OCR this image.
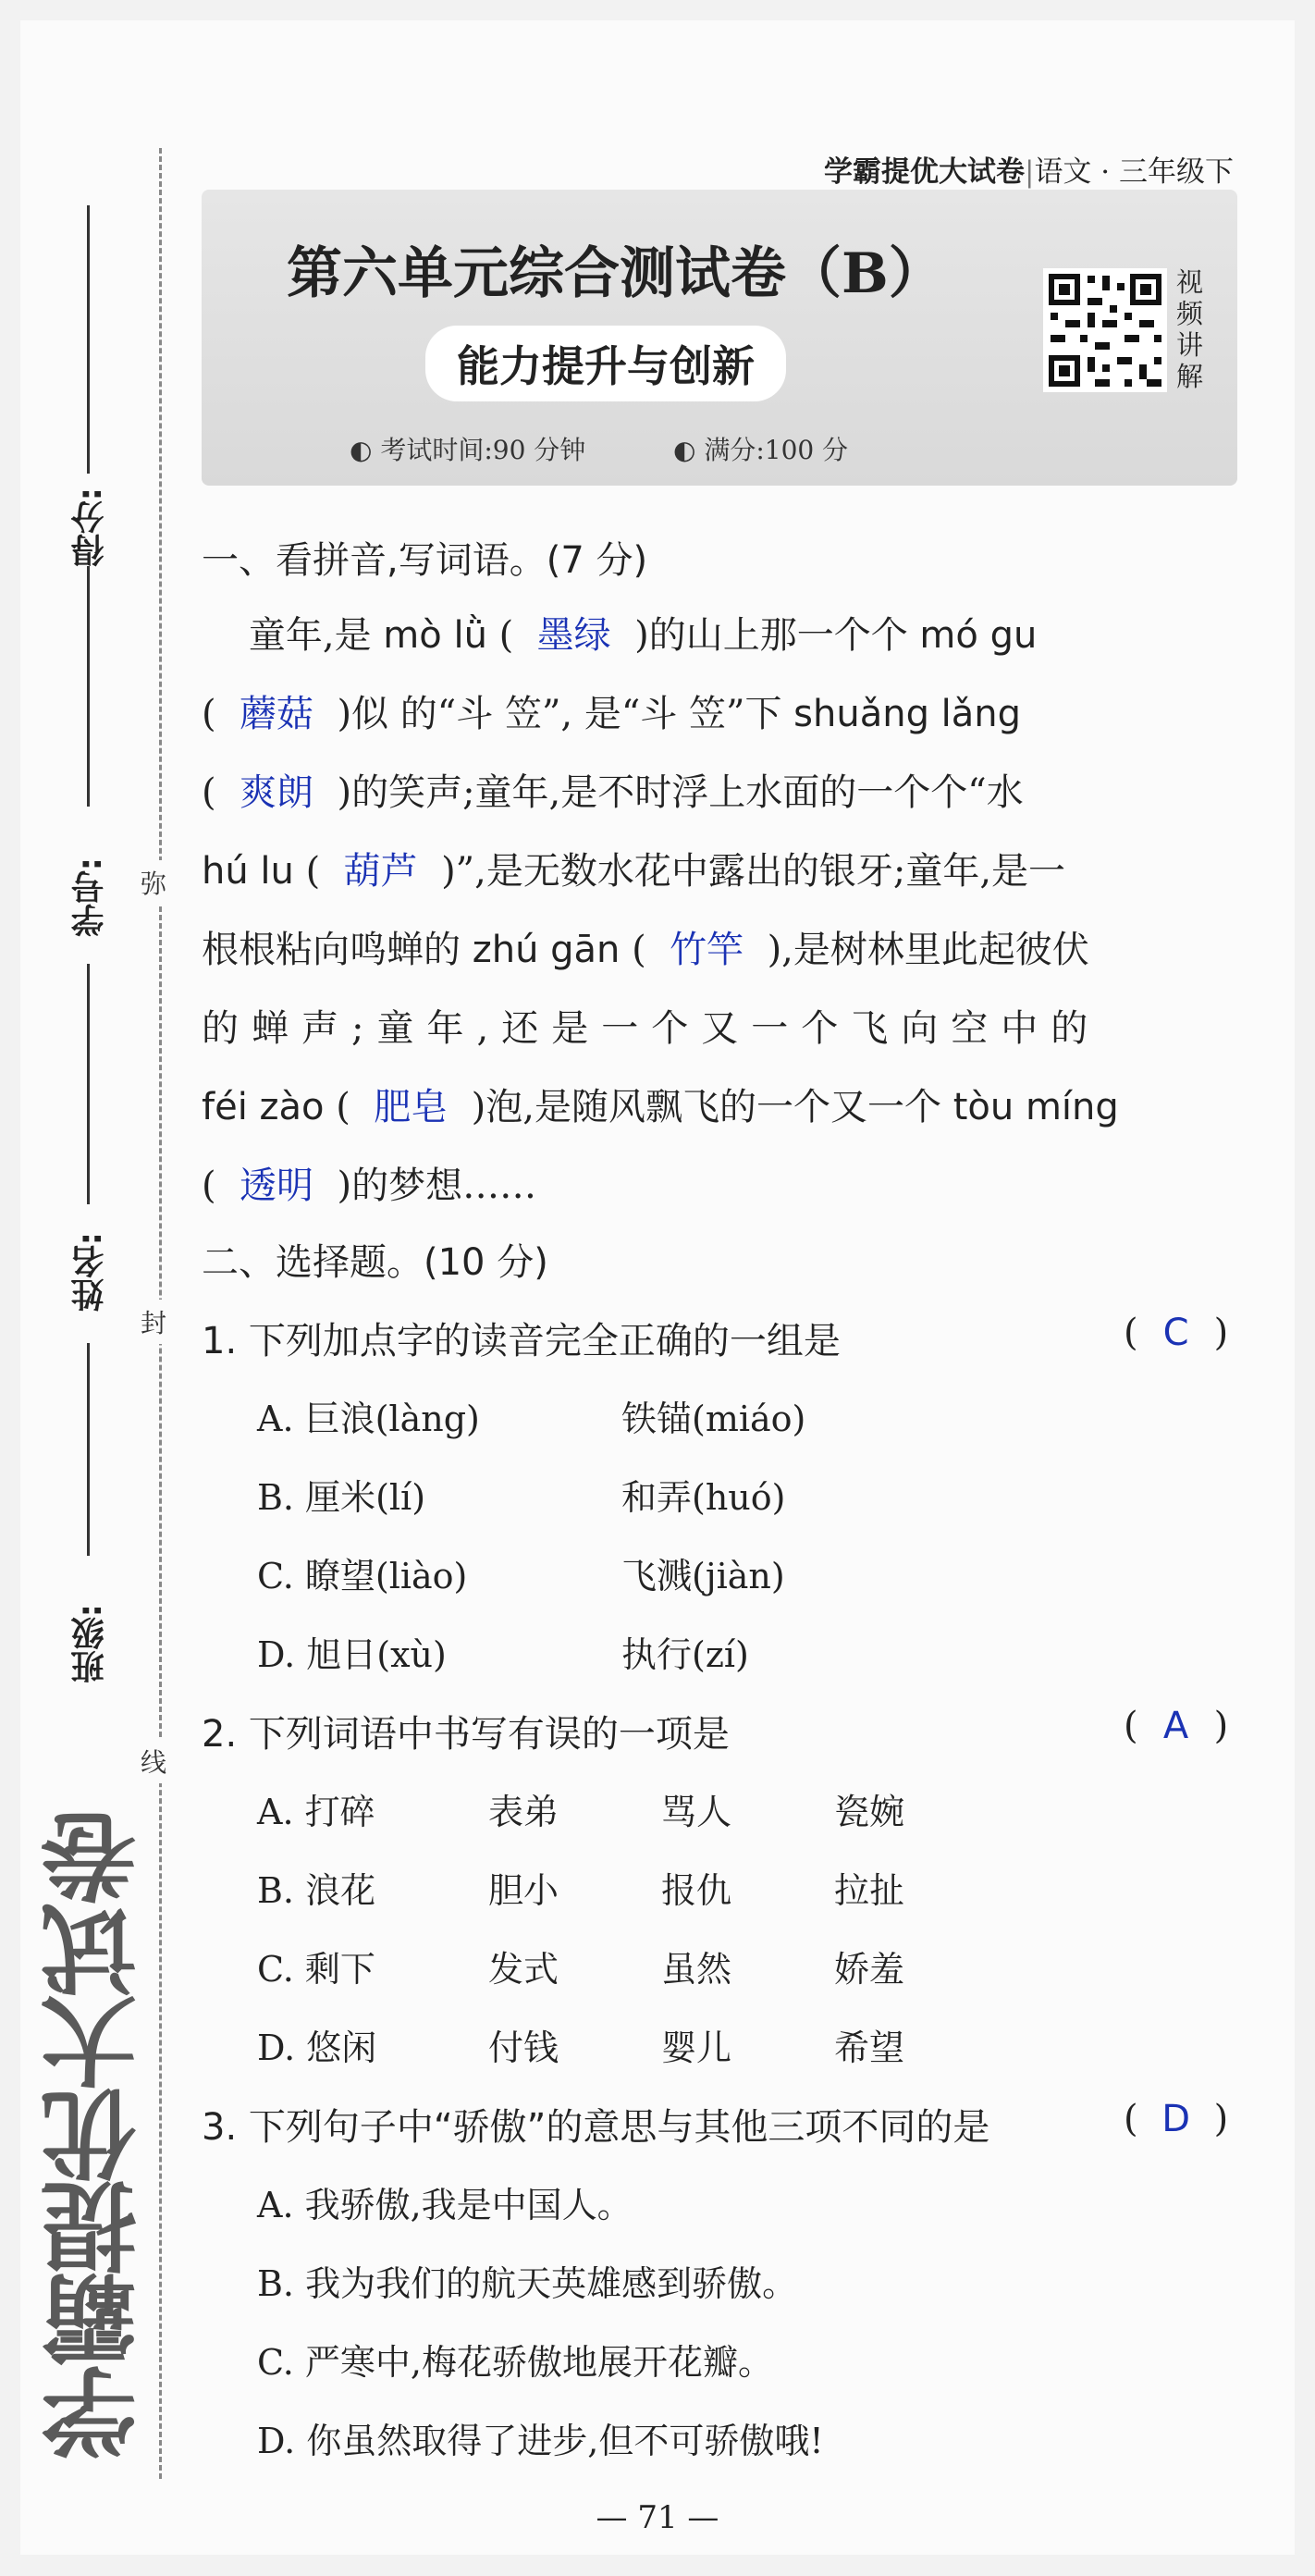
得分:
学号:
姓名:
班级:
弥
封
线
学霸提优大试卷
学霸提优大试卷|语文 · 三年级下
第六单元综合测试卷（B）
能力提升与创新
视
频
讲
解
◐ 考试时间:90 分钟	◐ 满分:100 分
一、看拼音,写词语。(7 分)
童年,是 mò lǜ (  墨绿  )的山上那一个个 mó gu
(  蘑菇  )似 的“斗 笠”, 是“斗 笠”下 shuǎng lǎng
(  爽朗  )的笑声;童年,是不时浮上水面的一个个“水
hú lu (  葫芦  )”,是无数水花中露出的银牙;童年,是一
根根粘向鸣蝉的 zhú gān (  竹竿  ),是树林里此起彼伏
的蝉声;童年,还是一个又一个飞向空中的
féi zào (  肥皂  )泡,是随风飘飞的一个又一个 tòu míng
(  透明  )的梦想……
二、选择题。(10 分)
1. 下列加点字的读音完全正确的一组是	( C )
A. 巨浪(làng)	铁锚(miáo)
B. 厘米(lí)	和弄(huó)
C. 瞭望(liào)	飞溅(jiàn)
D. 旭日(xù)	执行(zí)
2. 下列词语中书写有误的一项是	( A )
A. 打碎	表弟	骂人	瓷婉
B. 浪花	胆小	报仇	拉扯
C. 剩下	发式	虽然	娇羞
D. 悠闲	付钱	婴儿	希望
3. 下列句子中“骄傲”的意思与其他三项不同的是	( D )
A. 我骄傲,我是中国人。
B. 我为我们的航天英雄感到骄傲。
C. 严寒中,梅花骄傲地展开花瓣。
D. 你虽然取得了进步,但不可骄傲哦!
— 71 —
